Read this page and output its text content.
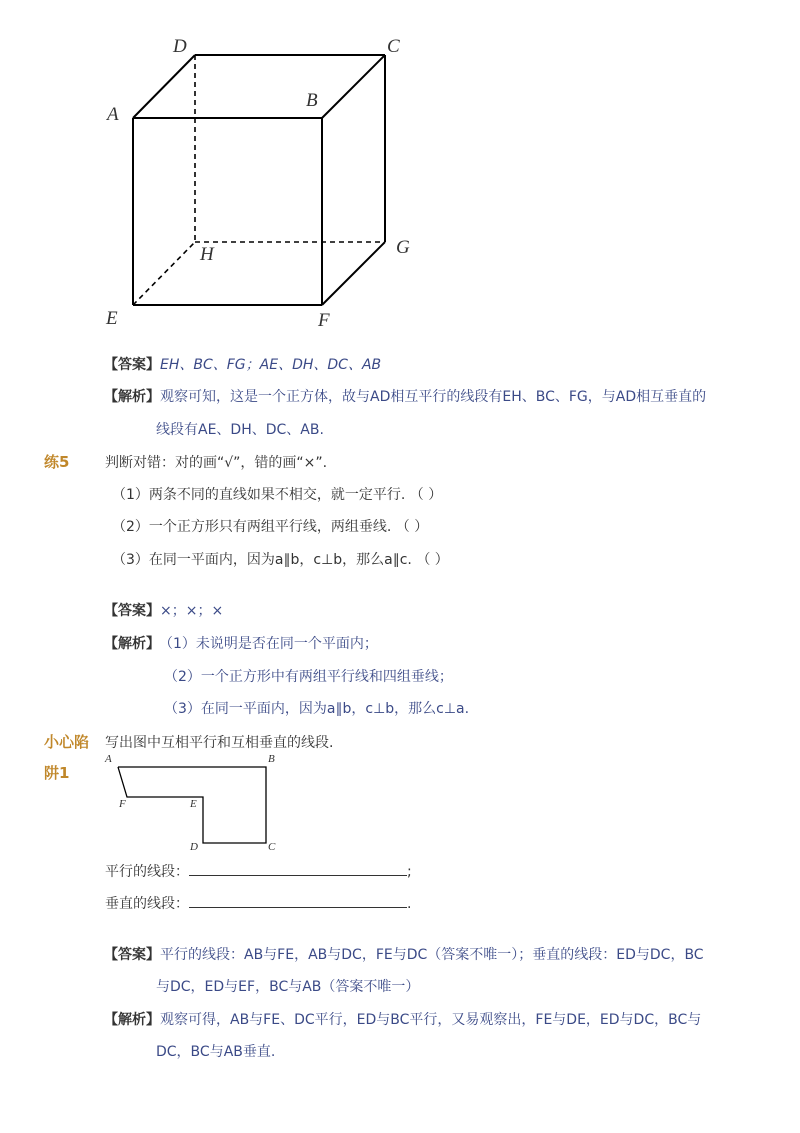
D	C
A
B
H	G
E	F
【答案】EH、BC、FG；AE、DH、DC、AB
【解析】观察可知，这是一个正方体，故与AD相互平行的线段有EH、BC、FG，与AD相互垂直的
线段有AE、DH、DC、AB.
练5	判断对错：对的画“√”，错的画“×”.
（1）两条不同的直线如果不相交，就一定平行. （ ）
（2）一个正方形只有两组平行线，两组垂线. （ ）
（3）在同一平面内，因为a∥b，c⊥b，那么a∥c. （ ）
【答案】×；×；×
【解析】 （1）未说明是否在同一个平面内；
（2）一个正方形中有两组平行线和四组垂线；
（3）在同一平面内，因为a∥b，c⊥b，那么c⊥a.
小心陷
阱1
写出图中互相平行和互相垂直的线段.
A	B
F	E
D	C
平行的线段：	;
垂直的线段：	.
【答案】平行的线段：AB与FE，AB与DC，FE与DC（答案不唯一）；垂直的线段：ED与DC，BC
与DC，ED与EF，BC与AB（答案不唯一）
【解析】观察可得，AB与FE、DC平行，ED与BC平行，又易观察出，FE与DE，ED与DC，BC与
DC，BC与AB垂直.
